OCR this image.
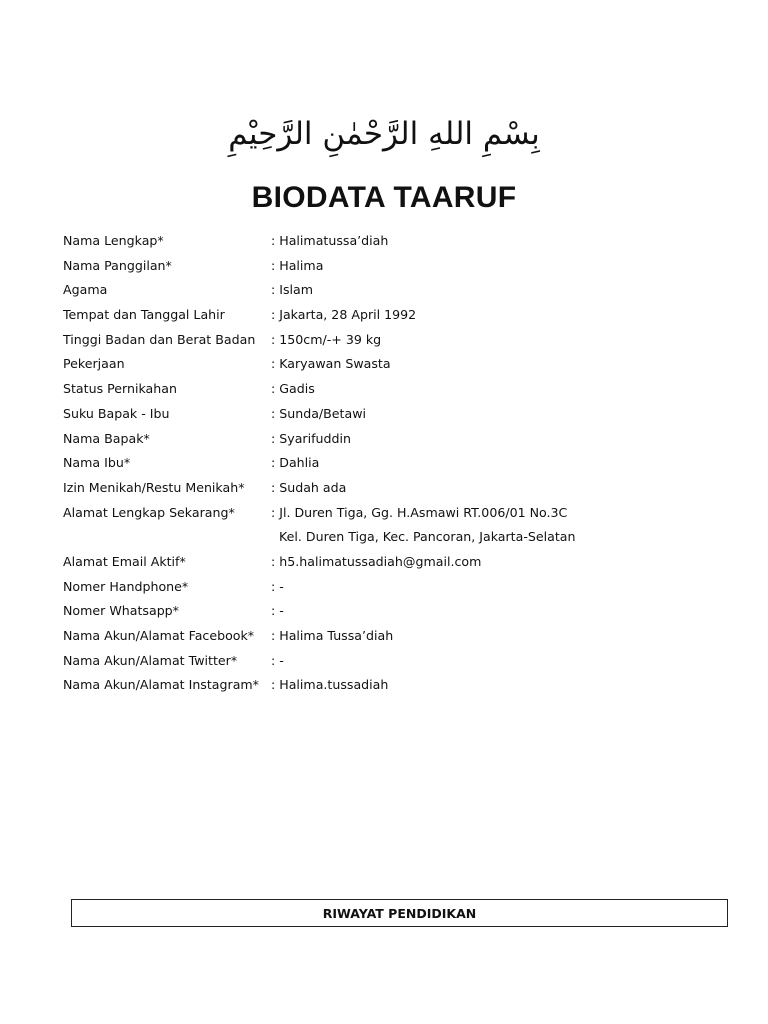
بِسْمِ اللهِ الرَّحْمٰنِ الرَّحِيْمِ
BIODATA TAARUF
Nama Lengkap*	: Halimatussa’diah
Nama Panggilan*	: Halima
Agama	: Islam
Tempat dan Tanggal Lahir	: Jakarta, 28 April 1992
Tinggi Badan dan Berat Badan	: 150cm/-+ 39 kg
Pekerjaan	: Karyawan Swasta
Status Pernikahan	: Gadis
Suku Bapak - Ibu	: Sunda/Betawi
Nama Bapak*	: Syarifuddin
Nama Ibu*	: Dahlia
Izin Menikah/Restu Menikah*	: Sudah ada
Alamat Lengkap Sekarang*	: Jl. Duren Tiga, Gg. H.Asmawi RT.006/01 No.3C
Kel. Duren Tiga, Kec. Pancoran, Jakarta-Selatan
Alamat Email Aktif*	: h5.halimatussadiah@gmail.com
Nomer Handphone*	: -
Nomer Whatsapp*	: -
Nama Akun/Alamat Facebook*	: Halima Tussa’diah
Nama Akun/Alamat Twitter*	: -
Nama Akun/Alamat Instagram* : Halima.tussadiah
RIWAYAT PENDIDIKAN
